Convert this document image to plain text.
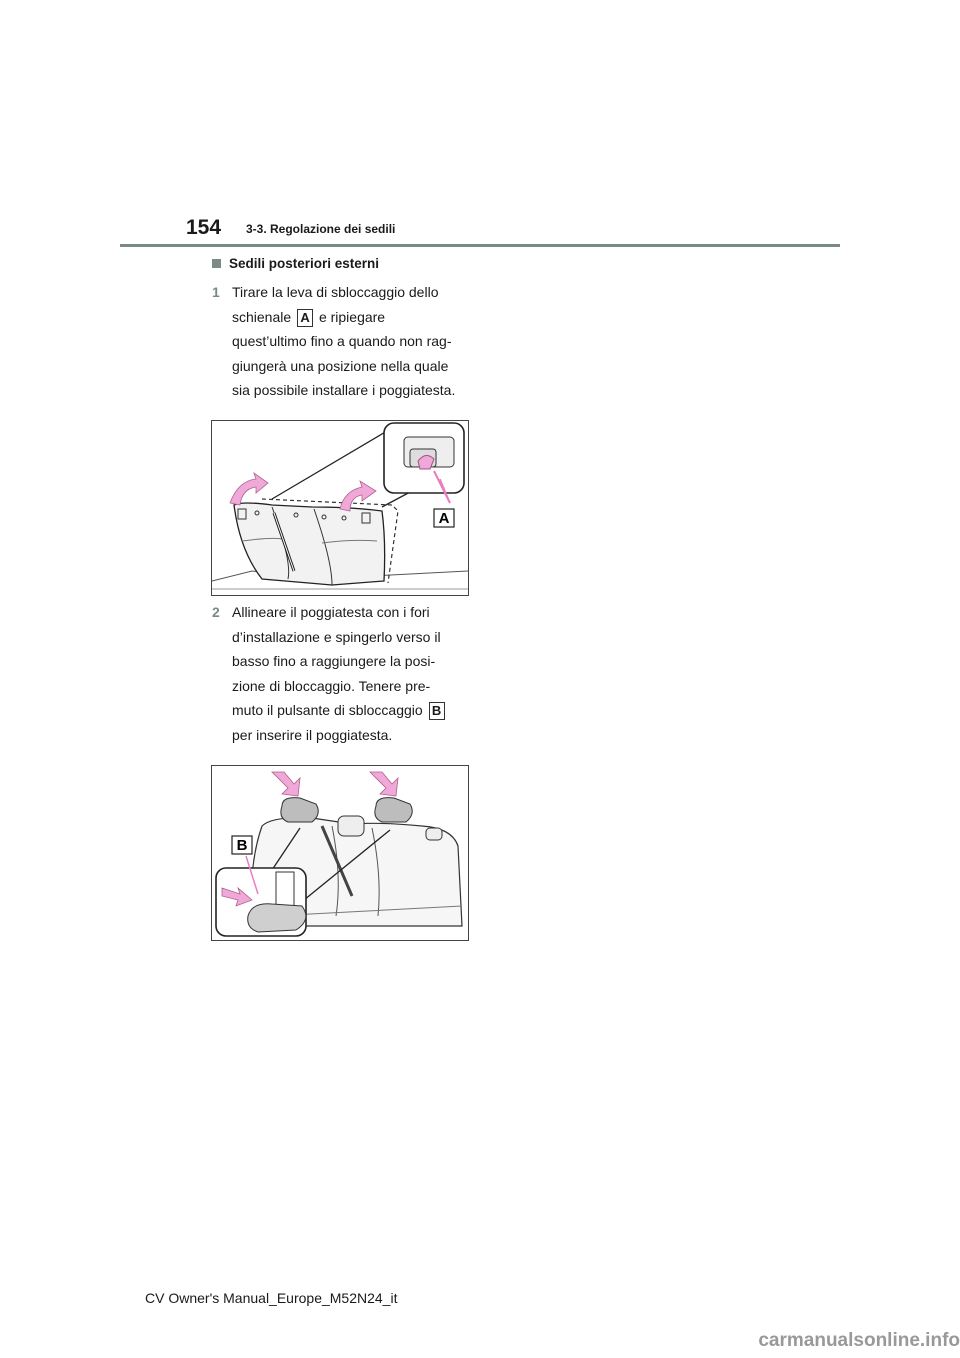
154 3-3. Regolazione dei sedili
Sedili posteriori esterni
1 Tirare la leva di sbloccaggio dello
schienale A e ripiegare
quest’ultimo fino a quando non rag-
giungerà una posizione nella quale
sia possibile installare i poggiatesta.
A
2 Allineare il poggiatesta con i fori
d’installazione e spingerlo verso il
basso fino a raggiungere la posi-
zione di bloccaggio. Tenere pre-
muto il pulsante di sbloccaggio B
per inserire il poggiatesta.
B
CV Owner's Manual_Europe_M52N24_it
carmanualsonline.info
